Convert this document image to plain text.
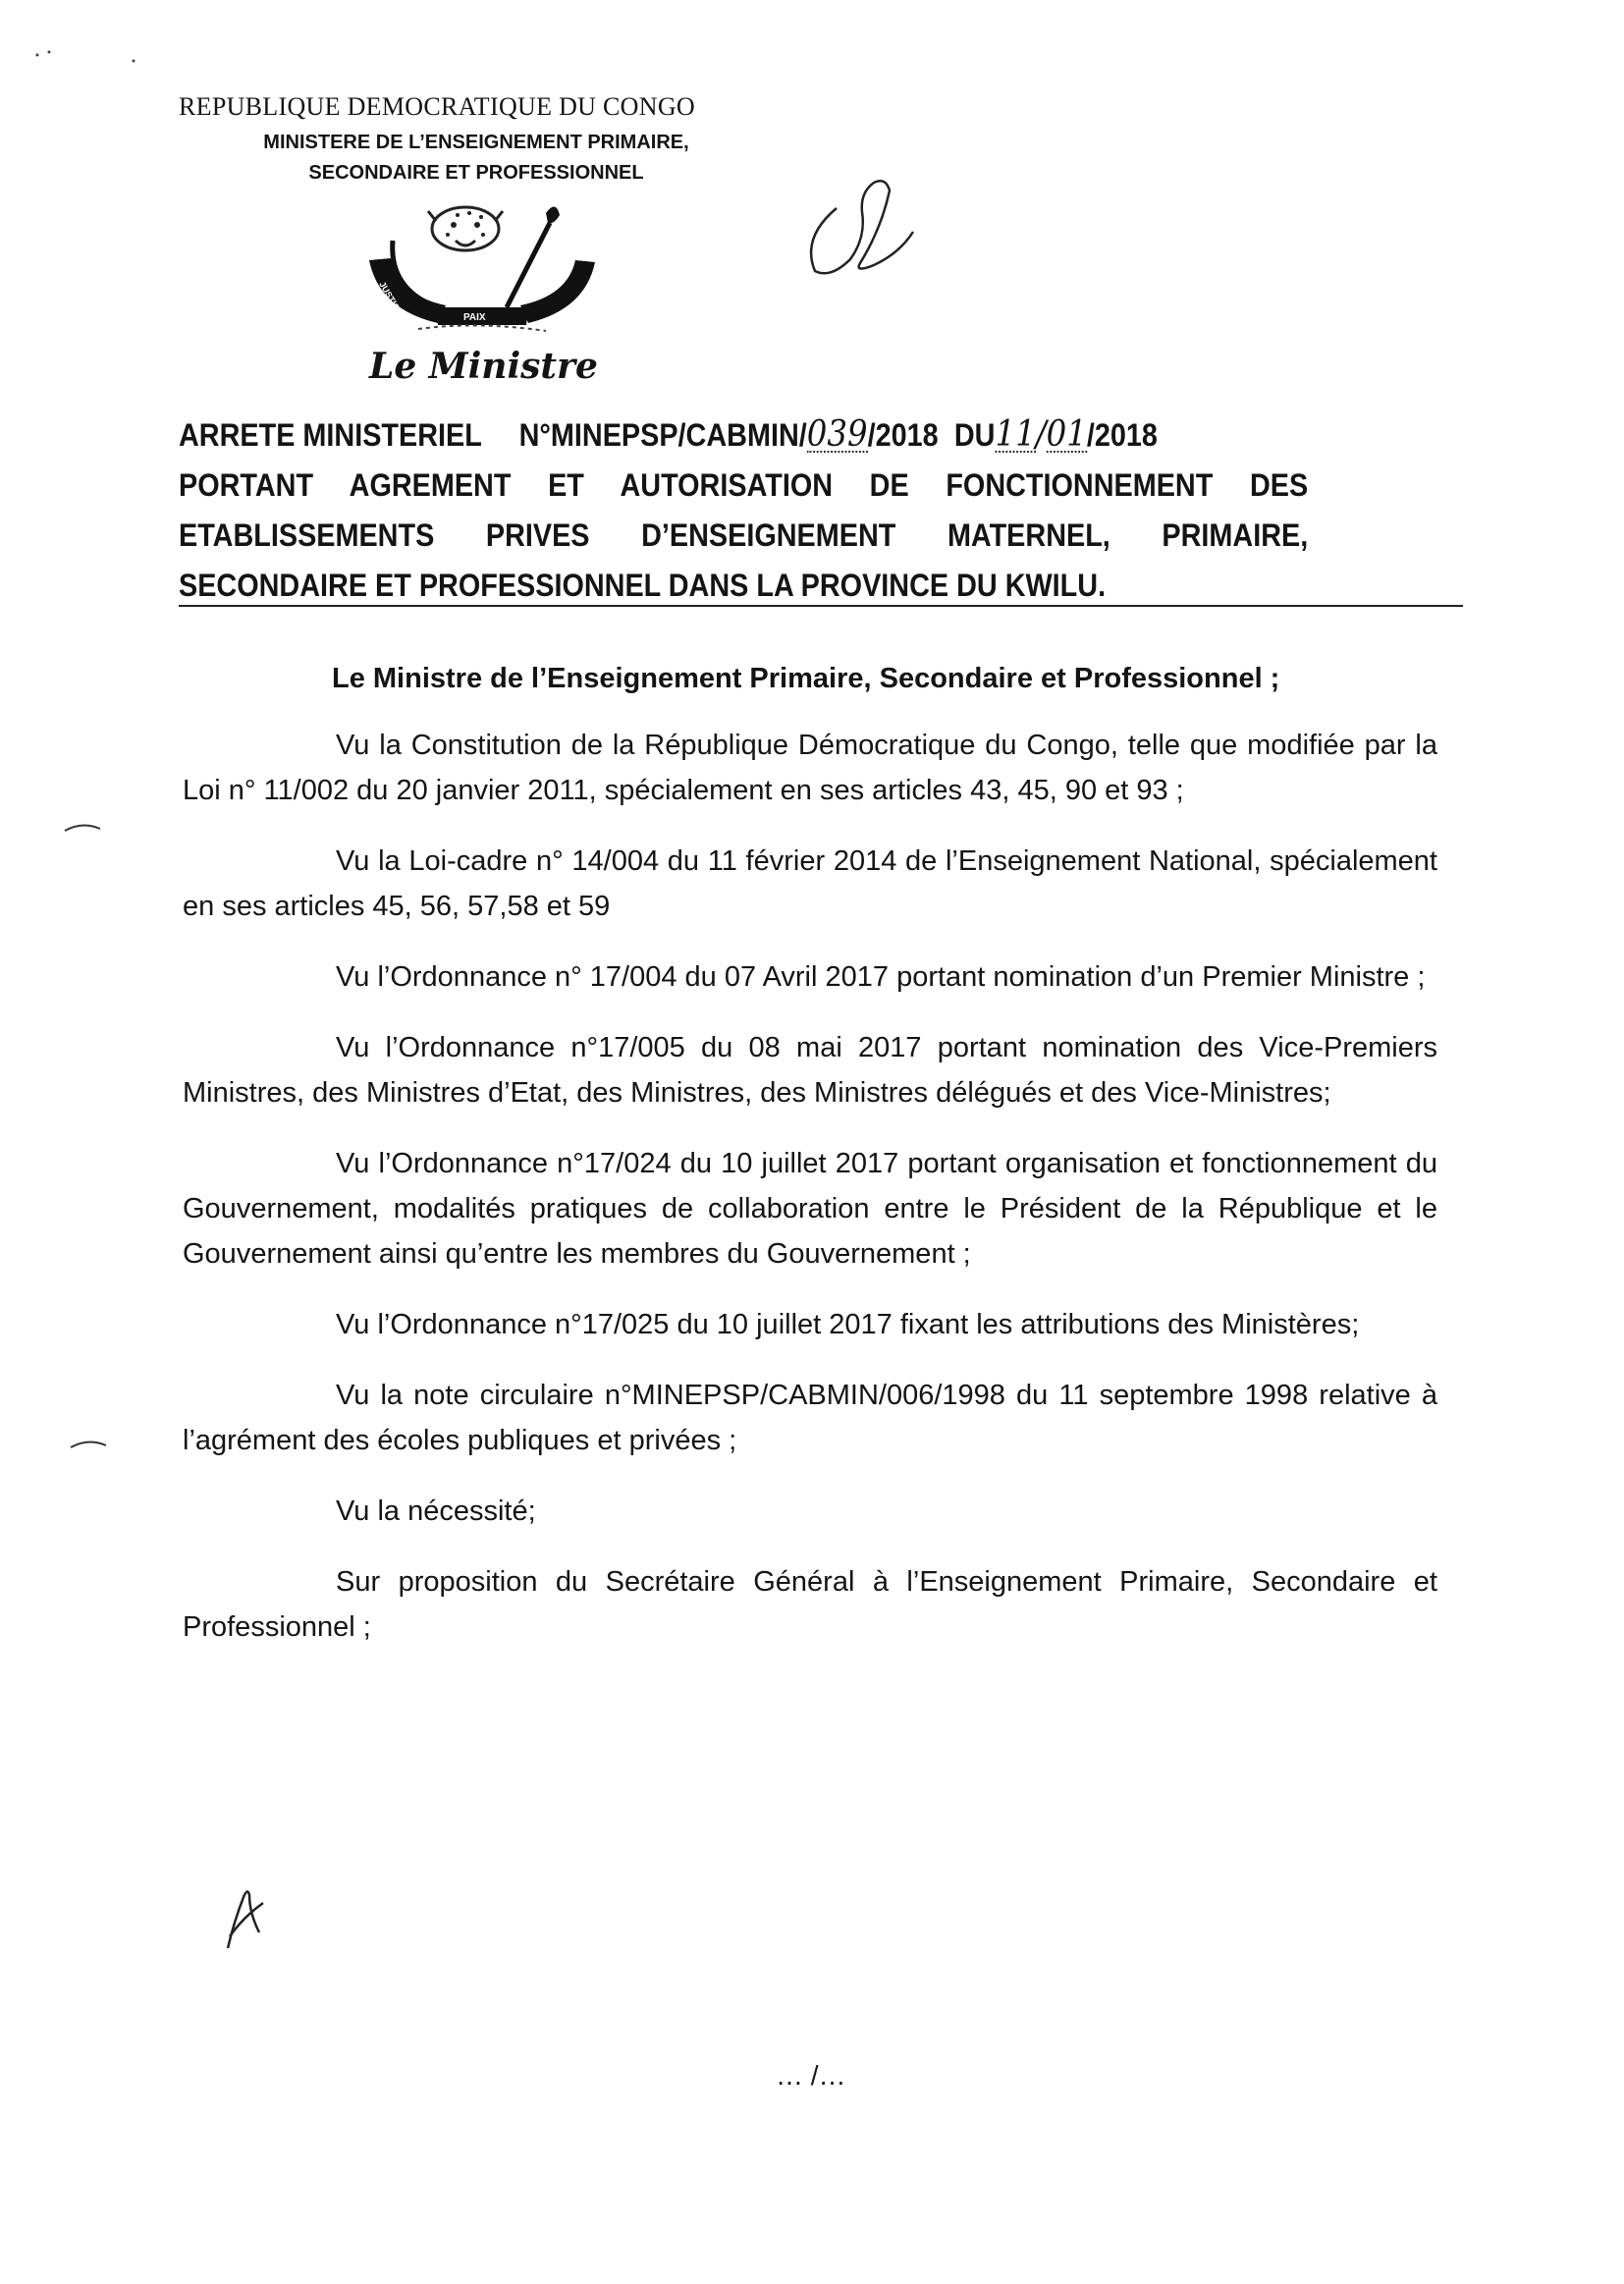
REPUBLIQUE DEMOCRATIQUE DU CONGO
MINISTERE DE L’ENSEIGNEMENT PRIMAIRE,
SECONDAIRE ET PROFESSIONNEL
JUSTICE
PAIX
TRAVAIL
Le Ministre
ARRETE MINISTERIEL N°MINEPSP/CABMIN/ 039 /2018 DU 11 / 01 /2018
PORTANT AGREMENT ET AUTORISATION DE FONCTIONNEMENT DES
ETABLISSEMENTS PRIVES D’ENSEIGNEMENT MATERNEL, PRIMAIRE,
SECONDAIRE ET PROFESSIONNEL DANS LA PROVINCE DU KWILU.
Le Ministre de l’Enseignement Primaire, Secondaire et Professionnel ;

Vu la Constitution de la République Démocratique du Congo, telle que modifiée par la Loi n° 11/002 du 20 janvier 2011, spécialement en ses articles 43, 45, 90 et 93 ;

Vu la Loi-cadre n° 14/004 du 11 février 2014 de l’Enseignement National, spécialement en ses articles 45, 56, 57,58 et 59

Vu l’Ordonnance n° 17/004 du 07 Avril 2017 portant nomination d’un Premier Ministre ;

Vu l’Ordonnance n°17/005 du 08 mai 2017 portant nomination des Vice-Premiers Ministres, des Ministres d’Etat, des Ministres, des Ministres délégués et des Vice-Ministres;

Vu l’Ordonnance n°17/024 du 10 juillet 2017 portant organisation et fonctionnement du Gouvernement, modalités pratiques de collaboration entre le Président de la République et le Gouvernement ainsi qu’entre les membres du Gouvernement ;

Vu l’Ordonnance n°17/025 du 10 juillet 2017 fixant les attributions des Ministères;

Vu la note circulaire n°MINEPSP/CABMIN/006/1998 du 11 septembre 1998 relative à l’agrément des écoles publiques et privées ;

Vu la nécessité;

Sur proposition du Secrétaire Général à l’Enseignement Primaire, Secondaire et Professionnel ;

… /…
